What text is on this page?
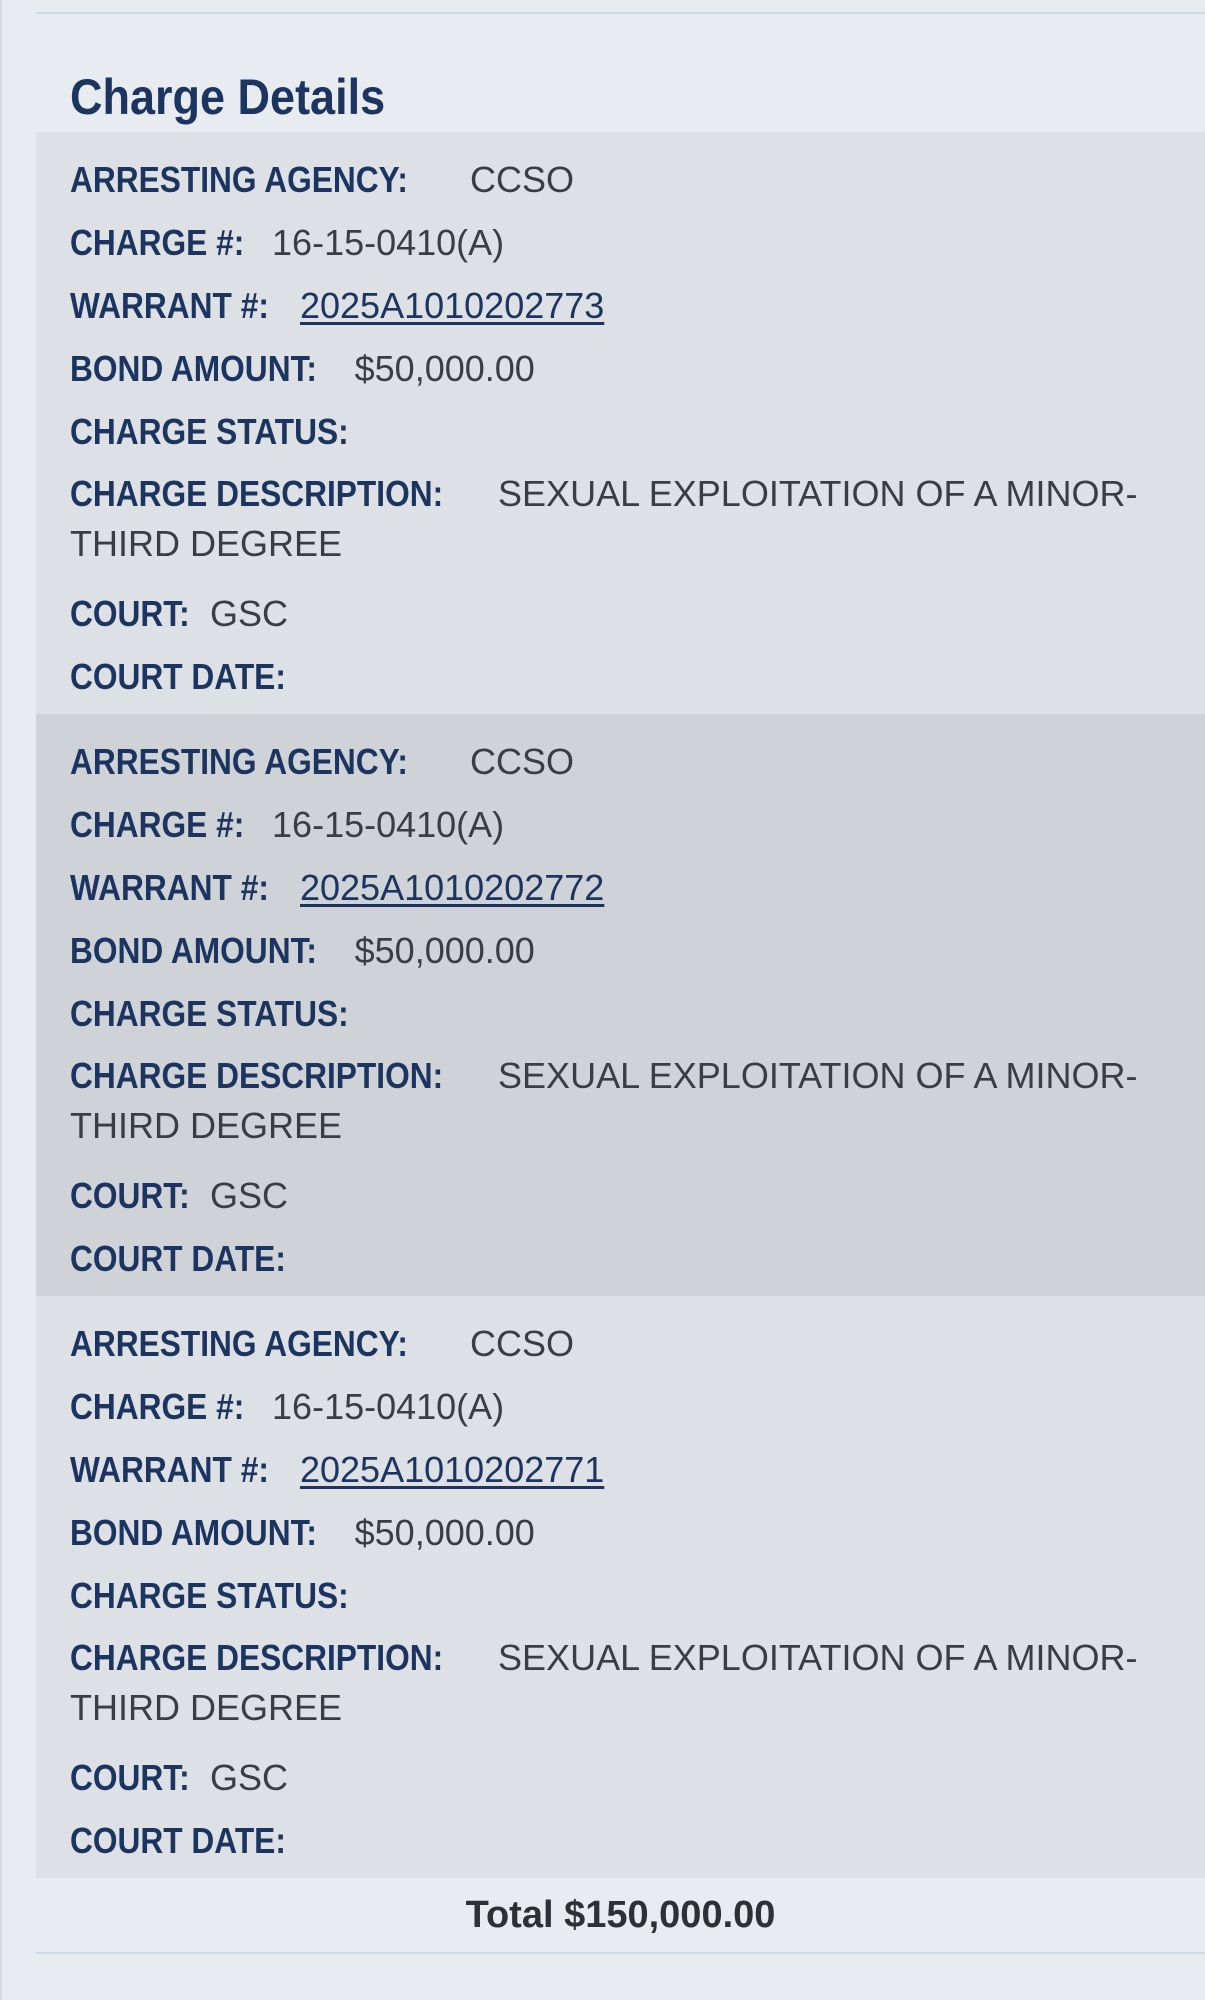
Charge Details
ARRESTING AGENCY: CCSO
CHARGE #: 16-15-0410(A)
WARRANT #: 2025A1010202773
BOND AMOUNT: $50,000.00
CHARGE STATUS:
CHARGE DESCRIPTION: SEXUAL EXPLOITATION OF A MINOR-THIRD DEGREE
COURT: GSC
COURT DATE:
ARRESTING AGENCY: CCSO
CHARGE #: 16-15-0410(A)
WARRANT #: 2025A1010202772
BOND AMOUNT: $50,000.00
CHARGE STATUS:
CHARGE DESCRIPTION: SEXUAL EXPLOITATION OF A MINOR-THIRD DEGREE
COURT: GSC
COURT DATE:
ARRESTING AGENCY: CCSO
CHARGE #: 16-15-0410(A)
WARRANT #: 2025A1010202771
BOND AMOUNT: $50,000.00
CHARGE STATUS:
CHARGE DESCRIPTION: SEXUAL EXPLOITATION OF A MINOR-THIRD DEGREE
COURT: GSC
COURT DATE:
Total $150,000.00
